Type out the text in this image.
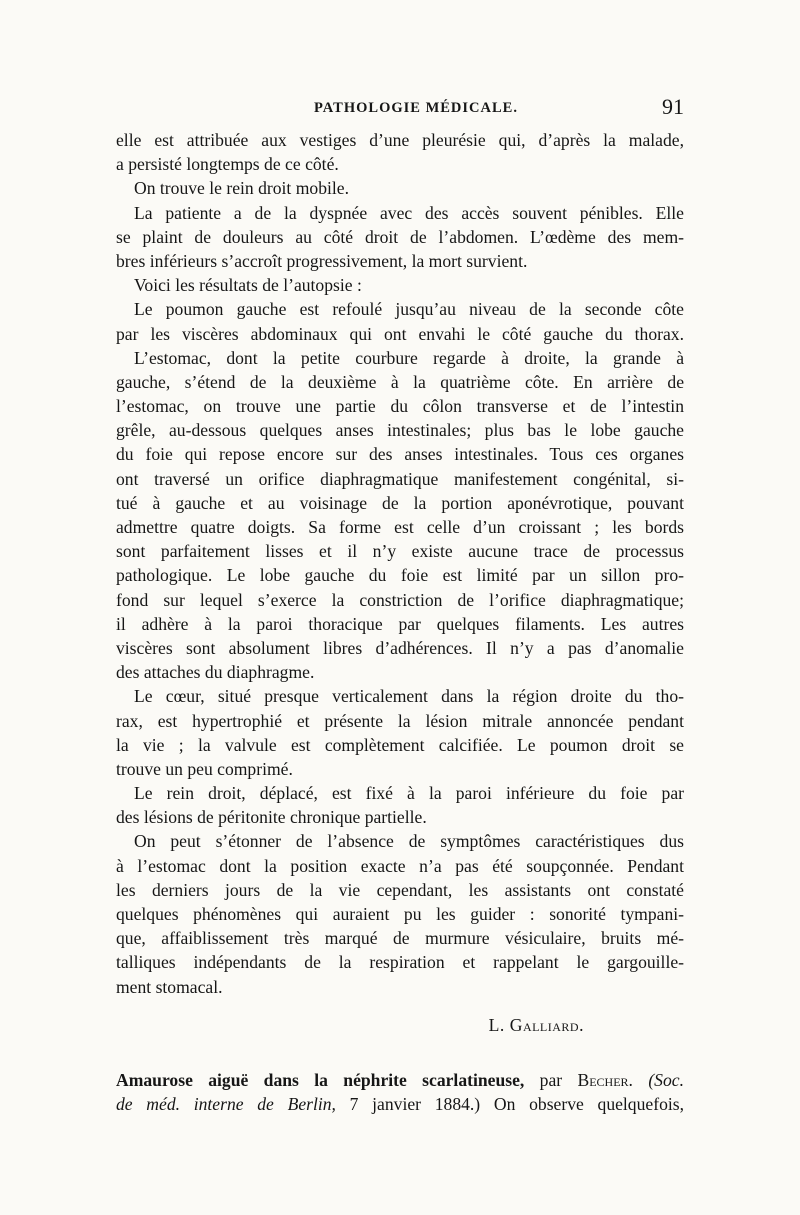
PATHOLOGIE MÉDICALE.	91
elle est attribuée aux vestiges d’une pleurésie qui, d’après la malade,
a persisté longtemps de ce côté.
On trouve le rein droit mobile.
La patiente a de la dyspnée avec des accès souvent pénibles. Elle
se plaint de douleurs au côté droit de l’abdomen. L’œdème des mem-
bres inférieurs s’accroît progressivement, la mort survient.
Voici les résultats de l’autopsie :
Le poumon gauche est refoulé jusqu’au niveau de la seconde côte
par les viscères abdominaux qui ont envahi le côté gauche du thorax.
L’estomac, dont la petite courbure regarde à droite, la grande à
gauche, s’étend de la deuxième à la quatrième côte. En arrière de
l’estomac, on trouve une partie du côlon transverse et de l’intestin
grêle, au-dessous quelques anses intestinales; plus bas le lobe gauche
du foie qui repose encore sur des anses intestinales. Tous ces organes
ont traversé un orifice diaphragmatique manifestement congénital, si-
tué à gauche et au voisinage de la portion aponévrotique, pouvant
admettre quatre doigts. Sa forme est celle d’un croissant ; les bords
sont parfaitement lisses et il n’y existe aucune trace de processus
pathologique. Le lobe gauche du foie est limité par un sillon pro-
fond sur lequel s’exerce la constriction de l’orifice diaphragmatique;
il adhère à la paroi thoracique par quelques filaments. Les autres
viscères sont absolument libres d’adhérences. Il n’y a pas d’anomalie
des attaches du diaphragme.
Le cœur, situé presque verticalement dans la région droite du tho-
rax, est hypertrophié et présente la lésion mitrale annoncée pendant
la vie ; la valvule est complètement calcifiée. Le poumon droit se
trouve un peu comprimé.
Le rein droit, déplacé, est fixé à la paroi inférieure du foie par
des lésions de péritonite chronique partielle.
On peut s’étonner de l’absence de symptômes caractéristiques dus
à l’estomac dont la position exacte n’a pas été soupçonnée. Pendant
les derniers jours de la vie cependant, les assistants ont constaté
quelques phénomènes qui auraient pu les guider : sonorité tympani-
que, affaiblissement très marqué de murmure vésiculaire, bruits mé-
talliques indépendants de la respiration et rappelant le gargouille-
ment stomacal.
L. Galliard.
Amaurose aiguë dans la néphrite scarlatineuse, par Becher. (Soc.
de méd. interne de Berlin, 7 janvier 1884.) On observe quelquefois,
